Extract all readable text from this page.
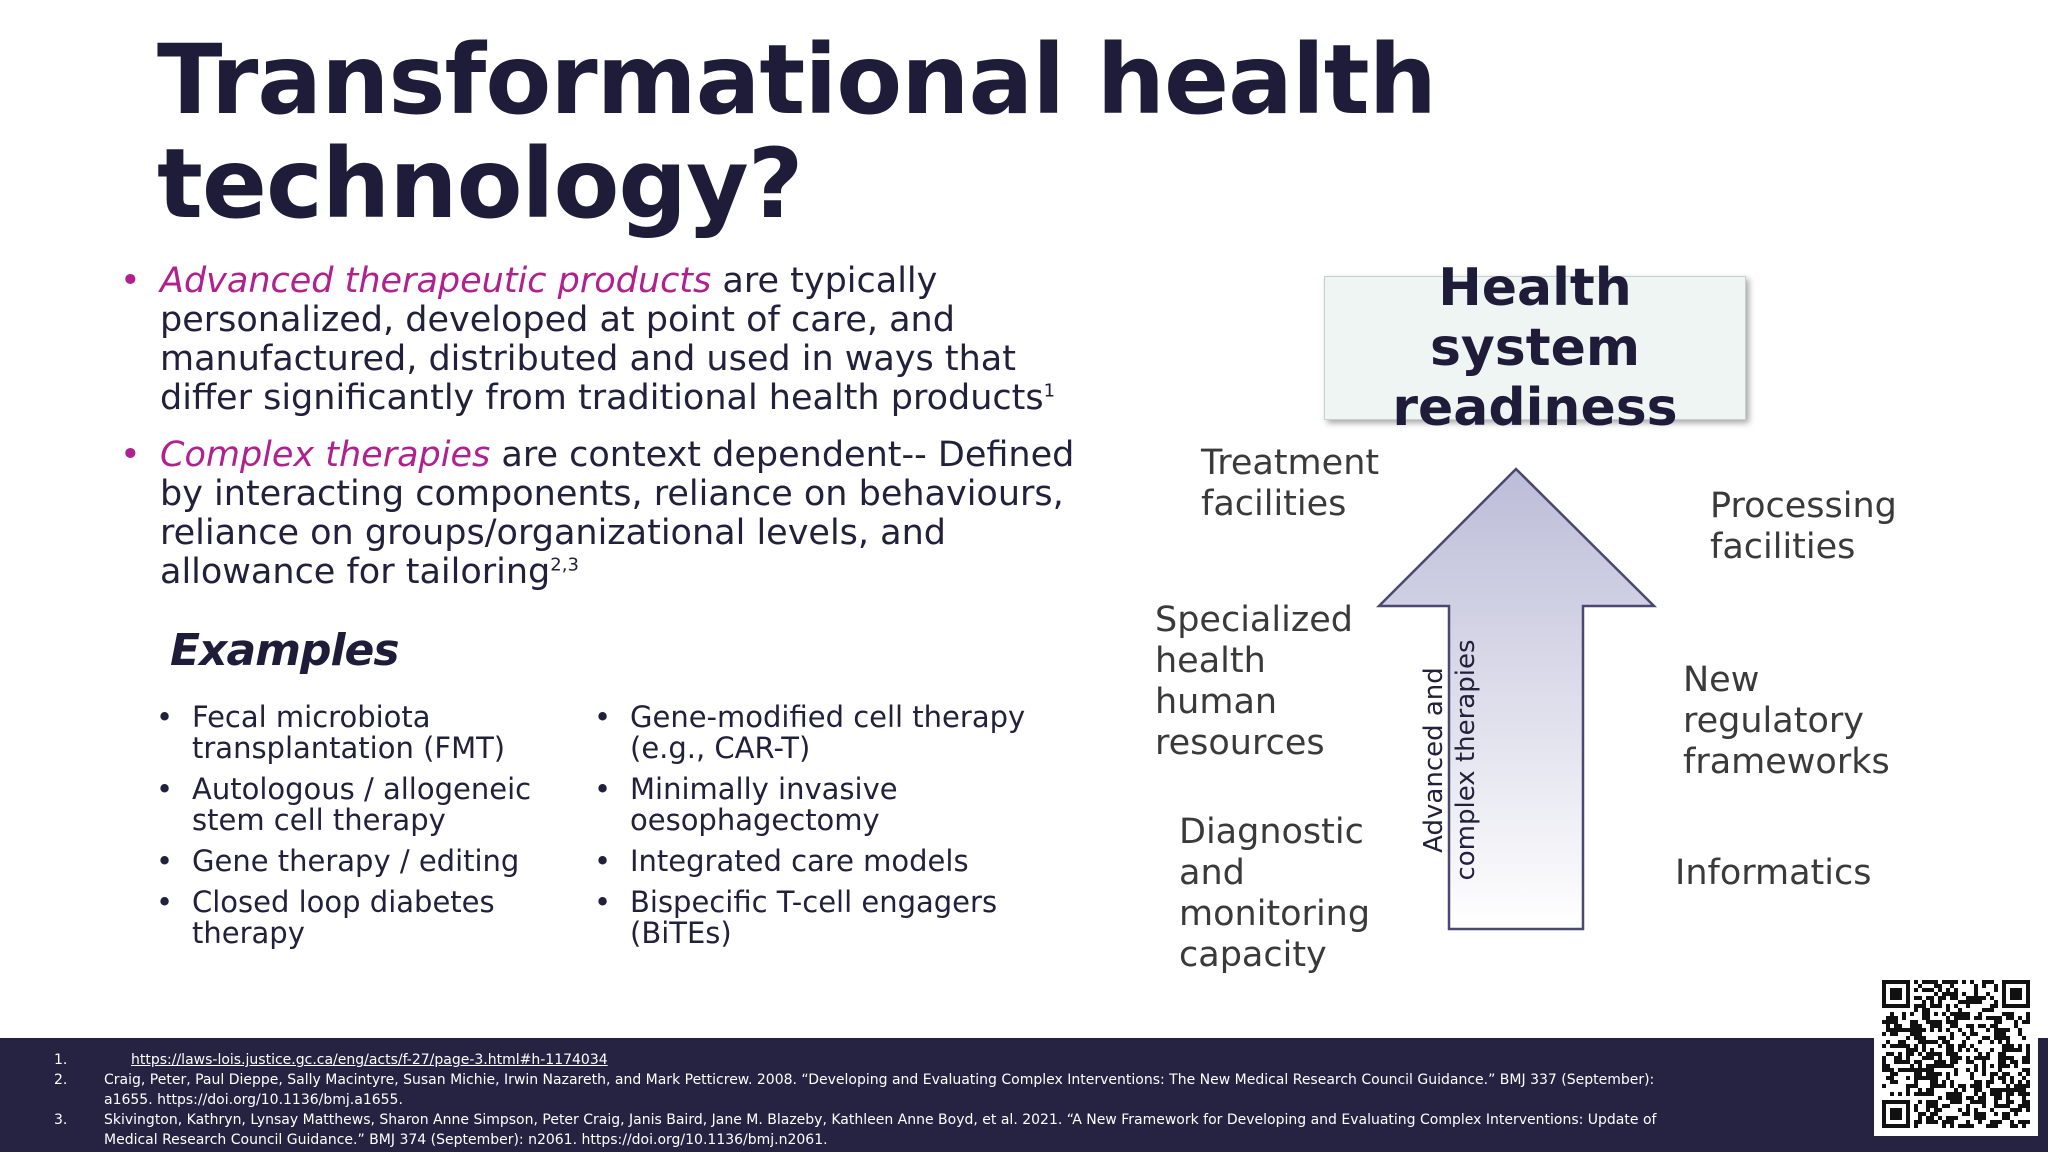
Transformational health
technology?
• Advanced therapeutic products are typically personalized, developed at point of care, and manufactured, distributed and used in ways that differ significantly from traditional health products$^1$
• Complex therapies are context dependent-- Defined by interacting components, reliance on behaviours, reliance on groups/organizational levels, and allowance for tailoring$^{2,3}$
Examples
• Fecal microbiota transplantation (FMT)
• Autologous / allogeneic stem cell therapy
• Gene therapy / editing
• Closed loop diabetes therapy
• Gene-modified cell therapy (e.g., CAR-T)
• Minimally invasive oesophagectomy
• Integrated care models
• Bispecific T-cell engagers (BiTEs)
Health system readiness
Advanced and complex therapies
Treatment facilities	Processing facilities
Specialized health human resources
New regulatory frameworks
Diagnostic and monitoring capacity
Informatics
1.	https://laws-lois.justice.gc.ca/eng/acts/f-27/page-3.html#h-1174034
2.	Craig, Peter, Paul Dieppe, Sally Macintyre, Susan Michie, Irwin Nazareth, and Mark Petticrew. 2008. “Developing and Evaluating Complex Interventions: The New Medical Research Council Guidance.” BMJ 337 (September): a1655. https://doi.org/10.1136/bmj.a1655.
3.	Skivington, Kathryn, Lynsay Matthews, Sharon Anne Simpson, Peter Craig, Janis Baird, Jane M. Blazeby, Kathleen Anne Boyd, et al. 2021. “A New Framework for Developing and Evaluating Complex Interventions: Update of Medical Research Council Guidance.” BMJ 374 (September): n2061. https://doi.org/10.1136/bmj.n2061.
